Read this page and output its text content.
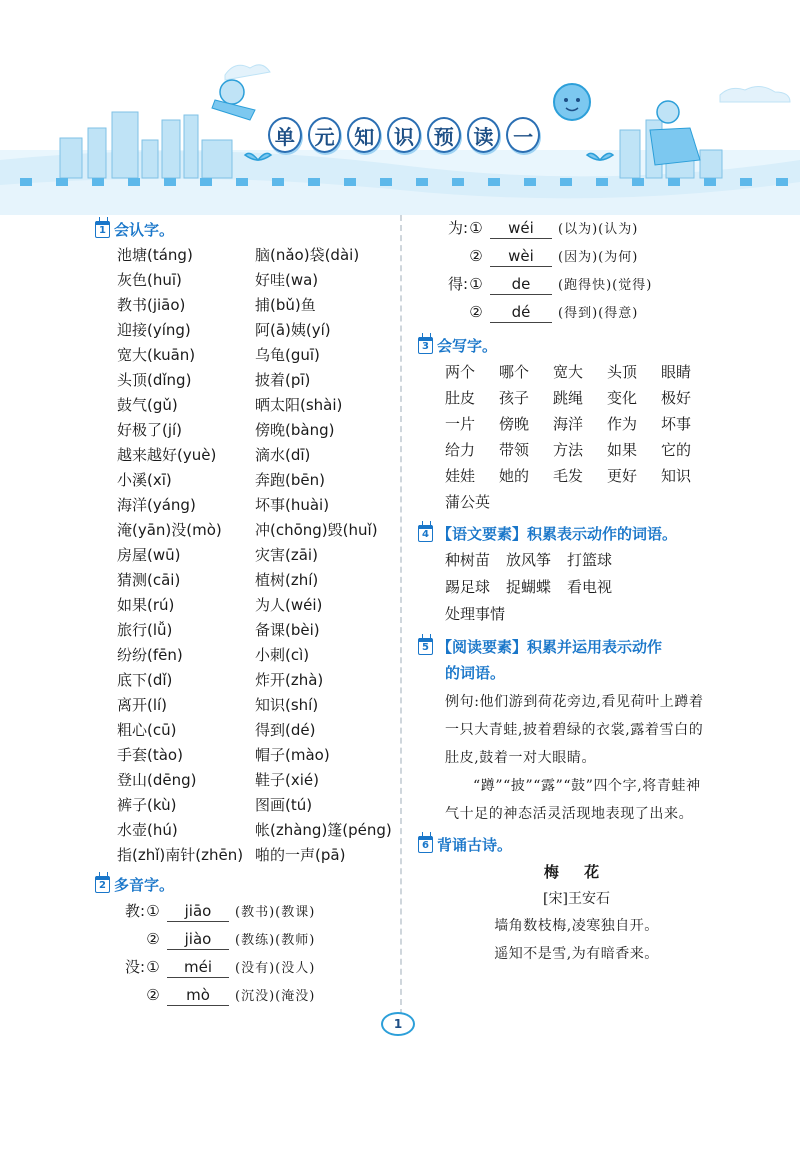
单 元 知 识 预 读 一
1 会认字。
池塘(táng)	脑(nǎo)袋(dài)
灰色(huī)	好哇(wa)
教书(jiāo)	捕(bǔ)鱼
迎接(yíng)	阿(ā)姨(yí)
宽大(kuān)	乌龟(guī)
头顶(dǐng)	披着(pī)
鼓气(gǔ)	晒太阳(shài)
好极了(jí)	傍晚(bàng)
越来越好(yuè)	滴水(dī)
小溪(xī)	奔跑(bēn)
海洋(yáng)	坏事(huài)
淹(yān)没(mò)	冲(chōng)毁(huǐ)
房屋(wū)	灾害(zāi)
猜测(cāi)	植树(zhí)
如果(rú)	为人(wéi)
旅行(lǚ)	备课(bèi)
纷纷(fēn)	小刺(cì)
底下(dǐ)	炸开(zhà)
离开(lí)	知识(shí)
粗心(cū)	得到(dé)
手套(tào)	帽子(mào)
登山(dēng)	鞋子(xié)
裤子(kù)	图画(tú)
水壶(hú)	帐(zhàng)篷(péng)
指(zhǐ)南针(zhēn) 啪的一声(pā)
2 多音字。
教: ①	jiāo	(教书)(教课)
②	jiào	(教练)(教师)
没: ①	méi	(没有)(没人)
②	mò	(沉没)(淹没)
为: ①	wéi	(以为)(认为)
②	wèi	(因为)(为何)
得: ①	de	(跑得快)(觉得)
②	dé	(得到)(得意)
3 会写字。
两个	哪个	宽大	头顶	眼睛
肚皮	孩子	跳绳	变化	极好
一片	傍晚	海洋	作为	坏事
给力	带领	方法	如果	它的
娃娃	她的	毛发	更好	知识
蒲公英
4 【语文要素】积累表示动作的词语。
种树苗 放风筝 打篮球
踢足球 捉蝴蝶 看电视
处理事情
5 【阅读要素】积累并运用表示动作
的词语。
例句:他们游到荷花旁边,看见荷叶上蹲着一只大青蛙,披着碧绿的衣裳,露着雪白的肚皮,鼓着一对大眼睛。
“蹲”“披”“露”“鼓”四个字,将青蛙神气十足的神态活灵活现地表现了出来。
6 背诵古诗。
梅 花
[宋]王安石
墙角数枝梅,凌寒独自开。
遥知不是雪,为有暗香来。
1
